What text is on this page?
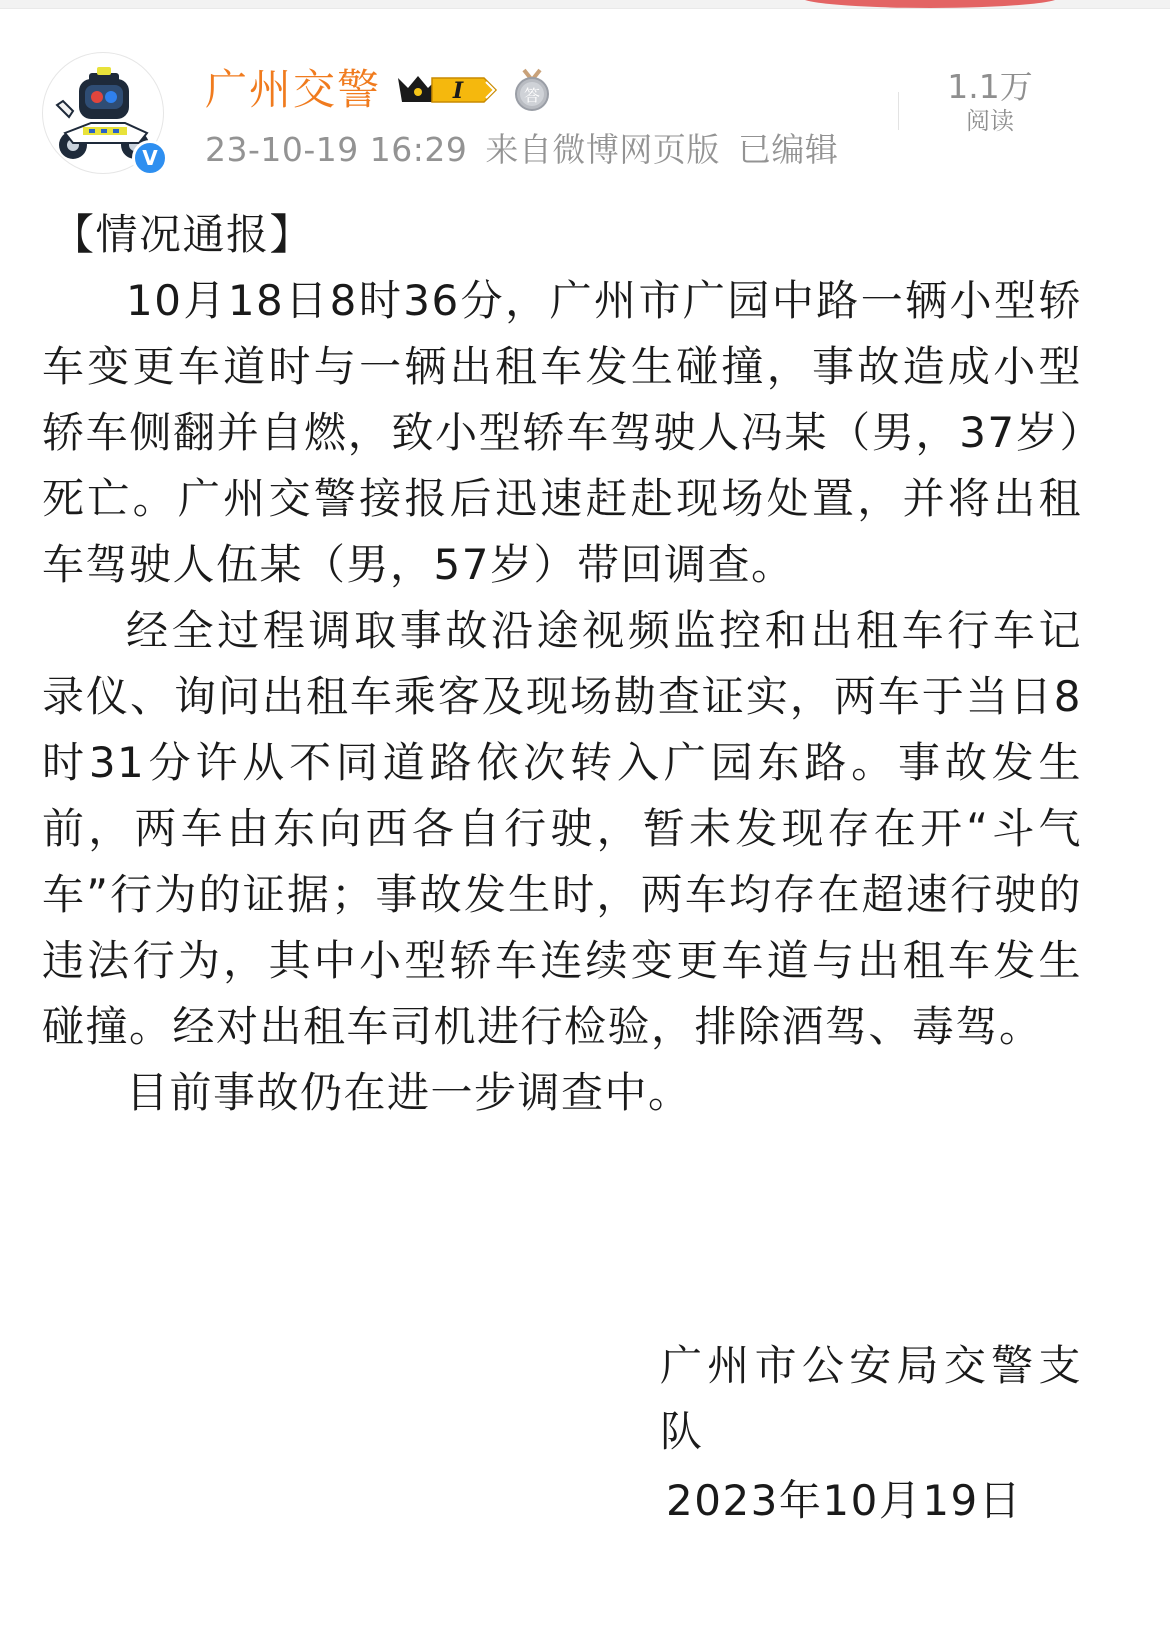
V
广州交警	I	答
23-10-19 16:29 来自微博网页版 已编辑
1.1万
阅读

【情况通报】

10月18日8时36分，广州市广园中路一辆小型轿车变更车道时与一辆出租车发生碰撞，事故造成小型轿车侧翻并自燃，致小型轿车驾驶人冯某（男，37岁）死亡。广州交警接报后迅速赶赴现场处置，并将出租车驾驶人伍某（男，57岁）带回调查。

经全过程调取事故沿途视频监控和出租车行车记录仪、询问出租车乘客及现场勘查证实，两车于当日8时31分许从不同道路依次转入广园东路。事故发生前，两车由东向西各自行驶，暂未发现存在开“斗气车”行为的证据；事故发生时，两车均存在超速行驶的违法行为，其中小型轿车连续变更车道与出租车发生碰撞。经对出租车司机进行检验，排除酒驾、毒驾。

目前事故仍在进一步调查中。

广州市公安局交警支队

2023年10月19日
